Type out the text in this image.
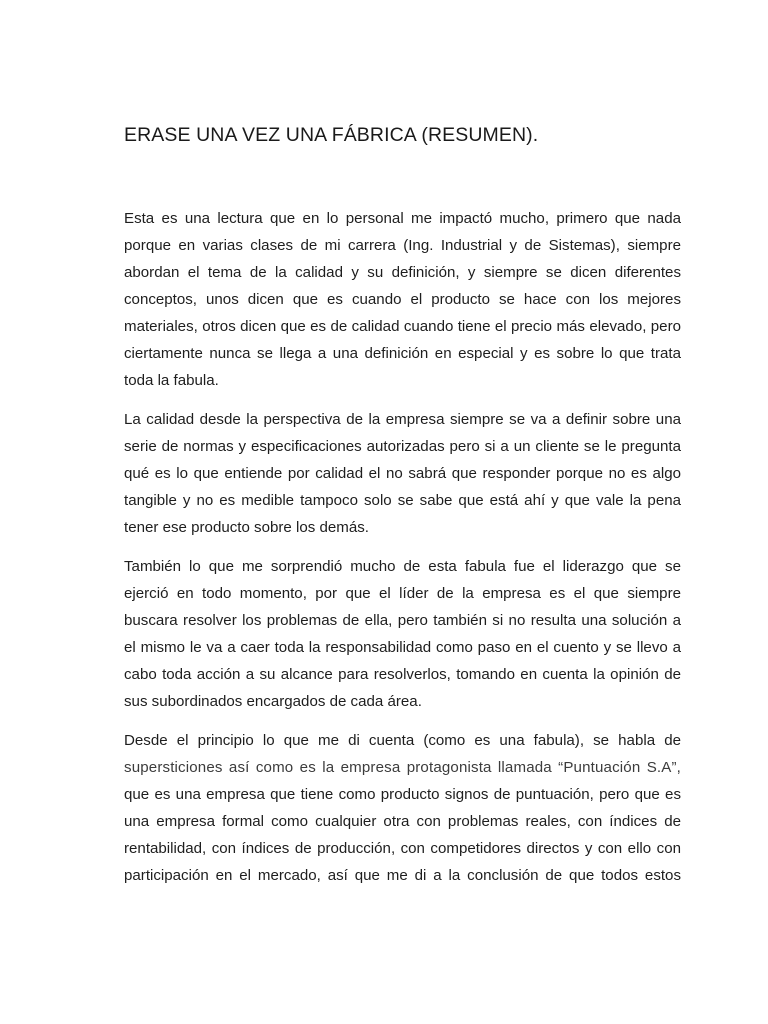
ERASE UNA VEZ UNA FÁBRICA (RESUMEN).

Esta es una lectura que en lo personal me impactó mucho, primero que nada
porque en varias clases de mi carrera (Ing. Industrial y de Sistemas), siempre
abordan el tema de la calidad y su definición, y siempre se dicen diferentes
conceptos, unos dicen que es cuando el producto se hace con los mejores
materiales, otros dicen que es de calidad cuando tiene el precio más elevado, pero
ciertamente nunca se llega a una definición en especial y es sobre lo que trata
toda la fabula.

La calidad desde la perspectiva de la empresa siempre se va a definir sobre una
serie de normas y especificaciones autorizadas pero si a un cliente se le pregunta
qué es lo que entiende por calidad el no sabrá que responder porque no es algo
tangible y no es medible tampoco solo se sabe que está ahí y que vale la pena
tener ese producto sobre los demás.

También lo que me sorprendió mucho de esta fabula fue el liderazgo que se
ejerció en todo momento, por que el líder de la empresa es el que siempre
buscara resolver los problemas de ella, pero también si no resulta una solución a
el mismo le va a caer toda la responsabilidad como paso en el cuento y se llevo a
cabo toda acción a su alcance para resolverlos, tomando en cuenta la opinión de
sus subordinados encargados de cada área.

Desde el principio lo que me di cuenta (como es una fabula), se habla de
supersticiones así como es la empresa protagonista llamada “Puntuación S.A”,
que es una empresa que tiene como producto signos de puntuación, pero que es
una empresa formal como cualquier otra con problemas reales, con índices de
rentabilidad, con índices de producción, con competidores directos y con ello con
participación en el mercado, así que me di a la conclusión de que todos estos
